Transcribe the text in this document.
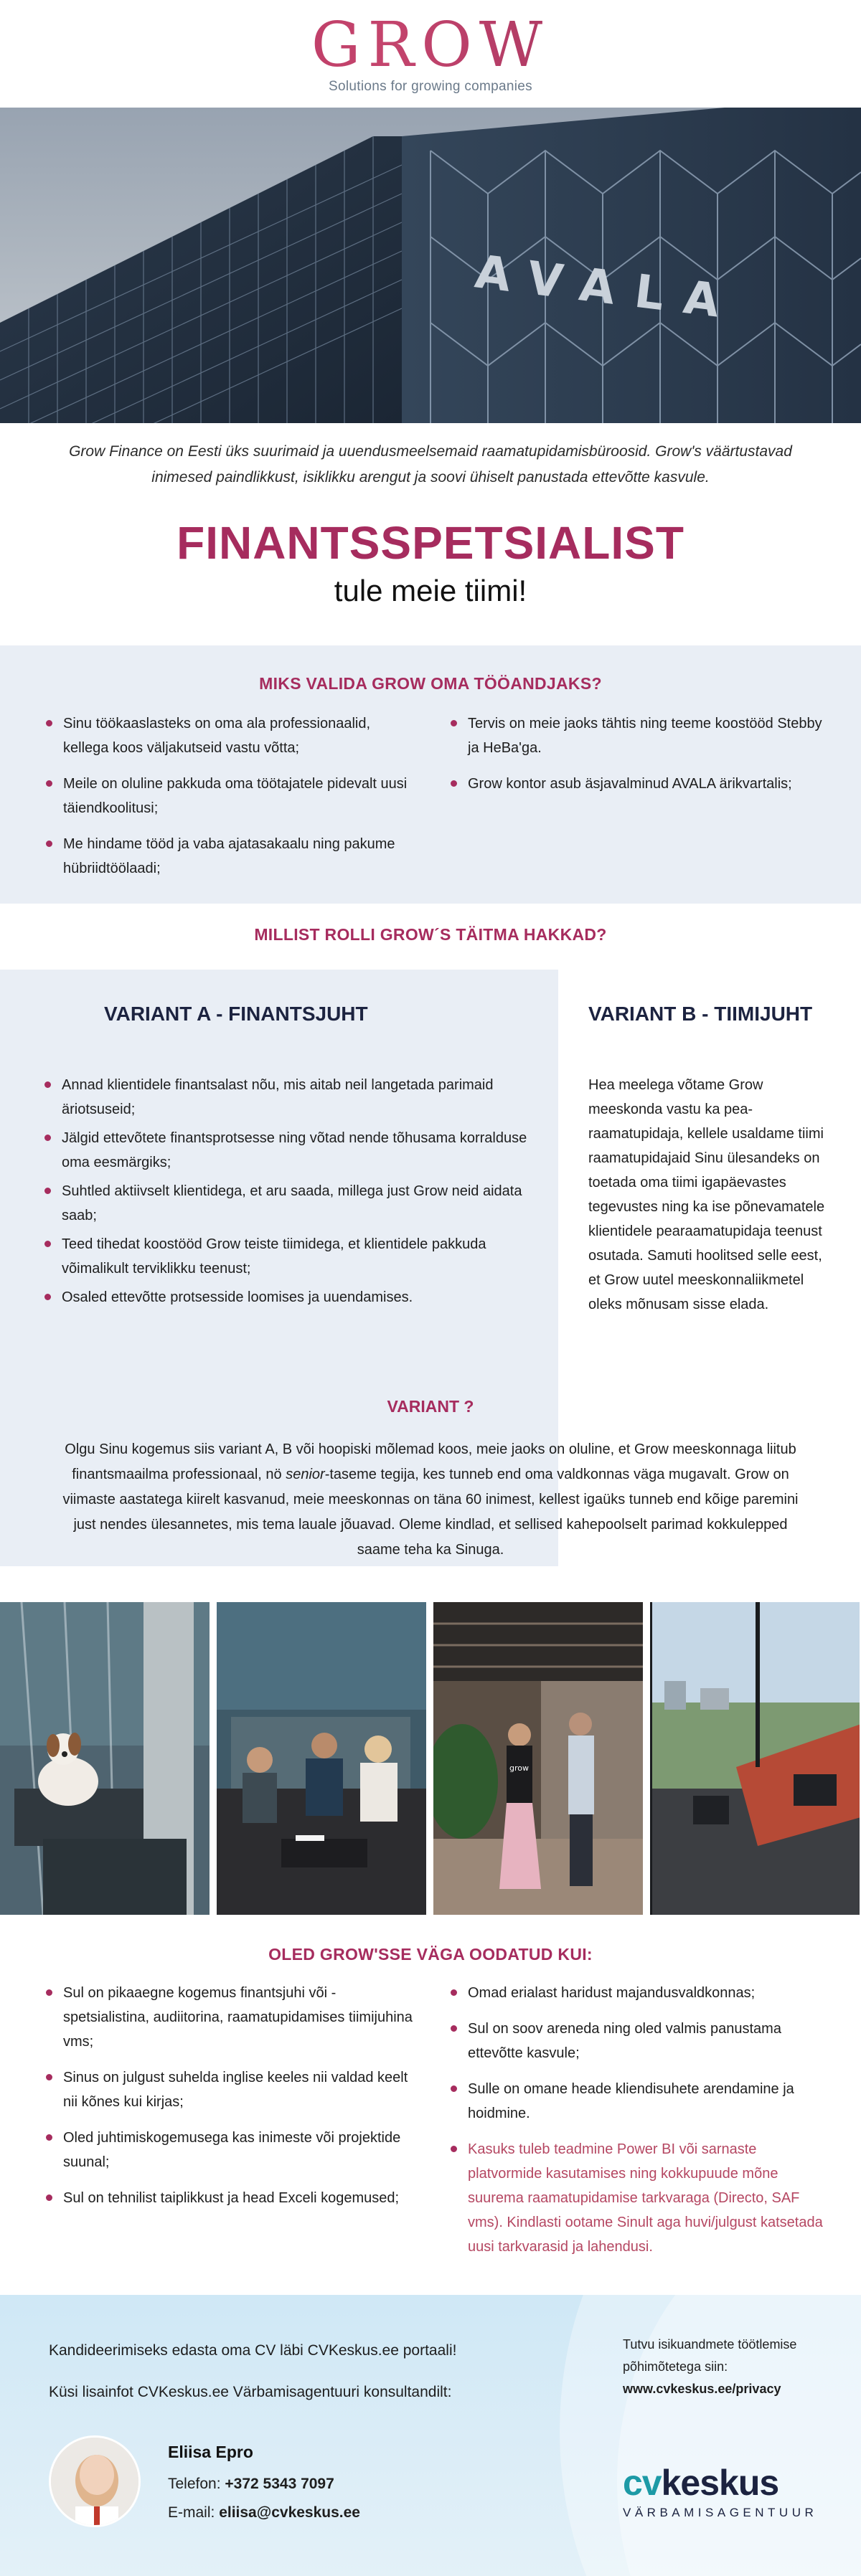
GROW
Solutions for growing companies
AVALA

Grow Finance on Eesti üks suurimaid ja uuendusmeelsemaid raamatupidamisbüroosid. Grow's väärtustavad inimesed paindlikkust, isiklikku arengut ja soovi ühiselt panustada ettevõtte kasvule.

FINANTSSPETSIALIST
tule meie tiimi!
MIKS VALIDA GROW OMA TÖÖANDJAKS?
Sinu töökaaslasteks on oma ala professionaalid, kellega koos väljakutseid vastu võtta;
Meile on oluline pakkuda oma töötajatele pidevalt uusi täiendkoolitusi;
Me hindame tööd ja vaba ajatasakaalu ning pakume hübriidtöölaadi;
Tervis on meie jaoks tähtis ning teeme koostööd Stebby ja HeBa'ga.
Grow kontor asub äsjavalminud AVALA ärikvartalis;
MILLIST ROLLI GROW´S TÄITMA HAKKAD?
VARIANT A - FINANTSJUHT	VARIANT B - TIIMIJUHT
Annad klientidele finantsalast nõu, mis aitab neil langetada parimaid äriotsuseid;
Jälgid ettevõtete finantsprotsesse ning võtad nende tõhusama korralduse oma eesmärgiks;
Suhtled aktiivselt klientidega, et aru saada, millega just Grow neid aidata saab;
Teed tihedat koostööd Grow teiste tiimidega, et klientidele pakkuda võimalikult terviklikku teenust;
Osaled ettevõtte protsesside loomises ja uuendamises.

Hea meelega võtame Grow meeskonda vastu ka pea-raamatupidaja, kellele usaldame tiimi raamatupidajaid Sinu ülesandeks on toetada oma tiimi igapäevastes tegevustes ning ka ise põnevamatele klientidele pearaamatupidaja teenust osutada. Samuti hoolitsed selle eest, et Grow uutel meeskonnaliikmetel oleks mõnusam sisse elada.

VARIANT ?

Olgu Sinu kogemus siis variant A, B või hoopiski mõlemad koos, meie jaoks on oluline, et Grow meeskonnaga liitub finantsmaailma professionaal, nö senior-taseme tegija, kes tunneb end oma valdkonnas väga mugavalt. Grow on viimaste aastatega kiirelt kasvanud, meie meeskonnas on täna 60 inimest, kellest igaüks tunneb end kõige paremini just nendes ülesannetes, mis tema lauale jõuavad. Oleme kindlad, et sellised kahepoolselt parimad kokkulepped saame teha ka Sinuga.

grow
OLED GROW'SSE VÄGA OODATUD KUI:
Sul on pikaaegne kogemus finantsjuhi või - spetsialistina, audiitorina, raamatupidamises tiimijuhina vms;
Sinus on julgust suhelda inglise keeles nii valdad keelt nii kõnes kui kirjas;
Oled juhtimiskogemusega kas inimeste või projektide suunal;
Sul on tehnilist taiplikkust ja head Exceli kogemused;
Omad erialast haridust majandusvaldkonnas;
Sul on soov areneda ning oled valmis panustama ettevõtte kasvule;
Sulle on omane heade kliendisuhete arendamine ja hoidmine.
Kasuks tuleb teadmine Power BI või sarnaste platvormide kasutamises ning kokkupuude mõne suurema raamatupidamise tarkvaraga (Directo, SAF vms). Kindlasti ootame Sinult aga huvi/julgust katsetada uusi tarkvarasid ja lahendusi.
Kandideerimiseks edasta oma CV läbi CVKeskus.ee portaali!
Küsi lisainfot CVKeskus.ee Värbamisagentuuri konsultandilt:
Eliisa Epro
Telefon: +372 5343 7097
E-mail: eliisa@cvkeskus.ee
Tutvu isikuandmete töötlemise põhimõtetega siin:
www.cvkeskus.ee/privacy
cvkeskus
VÄRBAMISAGENTUUR
